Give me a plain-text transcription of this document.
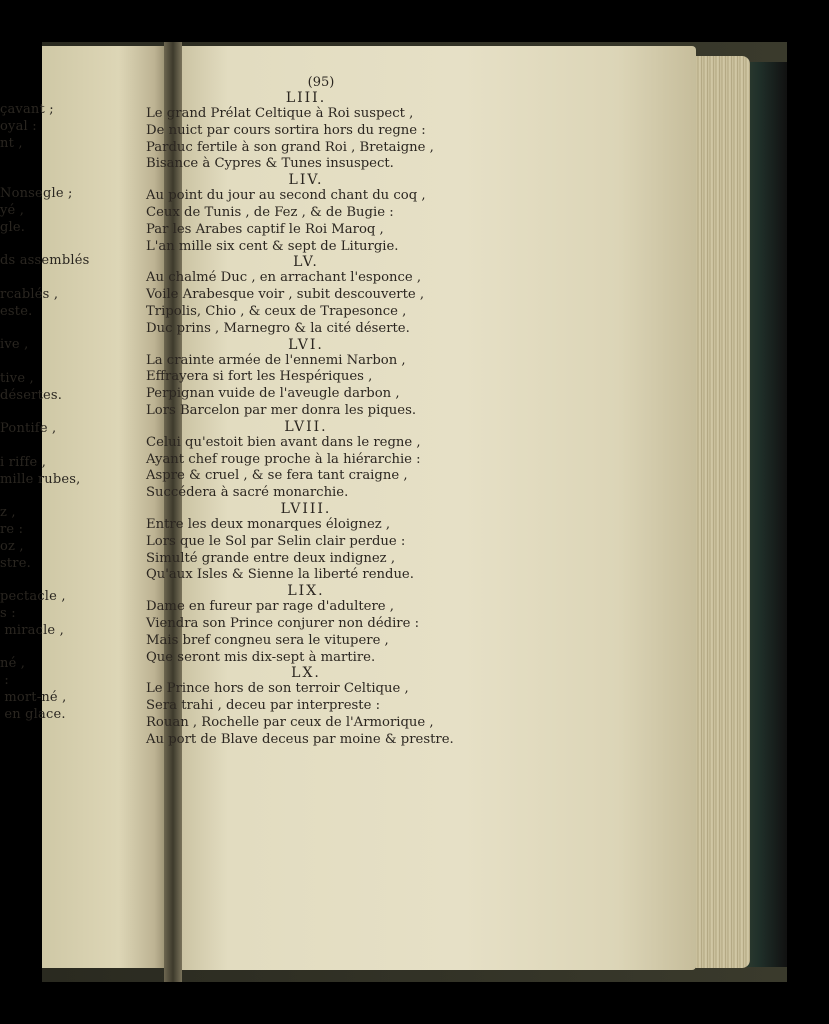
çavant ;
oyal :
nt ,
Nonsegle ;
yé ,
gle.
ds assemblés
rcablés ,
este.
ive ,
tive ,
désertes.
Pontife ,
i riffe ,
mille rubes,
z ,
re :
oz ,
stre.
pectacle ,
s :
miracle ,
né ,
:
mort-né ,
en glace.
(95)
LIII.
Le grand Prélat Celtique à Roi suspect ,
De nuict par cours sortira hors du regne :
Parduc fertile à son grand Roi , Bretaigne ,
Bisance à Cypres & Tunes insuspect.
LIV.
Au point du jour au second chant du coq ,
Ceux de Tunis , de Fez , & de Bugie :
Par les Arabes captif le Roi Maroq ,
L'an mille six cent & sept de Liturgie.
LV.
Au chalmé Duc , en arrachant l'esponce ,
Voile Arabesque voir , subit descouverte ,
Tripolis, Chio , & ceux de Trapesonce ,
Duc prins , Marnegro & la cité déserte.
LVI.
La crainte armée de l'ennemi Narbon ,
Effrayera si fort les Hespériques ,
Perpignan vuide de l'aveugle darbon ,
Lors Barcelon par mer donra les piques.
LVII.
Celui qu'estoit bien avant dans le regne ,
Ayant chef rouge proche à la hiérarchie :
Aspre & cruel , & se fera tant craigne ,
Succédera à sacré monarchie.
LVIII.
Entre les deux monarques éloignez ,
Lors que le Sol par Selin clair perdue :
Simulté grande entre deux indignez ,
Qu'aux Isles & Sienne la liberté rendue.
LIX.
Dame en fureur par rage d'adultere ,
Viendra son Prince conjurer non dédire :
Mais bref congneu sera le vitupere ,
Que seront mis dix-sept à martire.
LX.
Le Prince hors de son terroir Celtique ,
Sera trahi , deceu par interpreste :
Rouan , Rochelle par ceux de l'Armorique ,
Au port de Blave deceus par moine & prestre.
